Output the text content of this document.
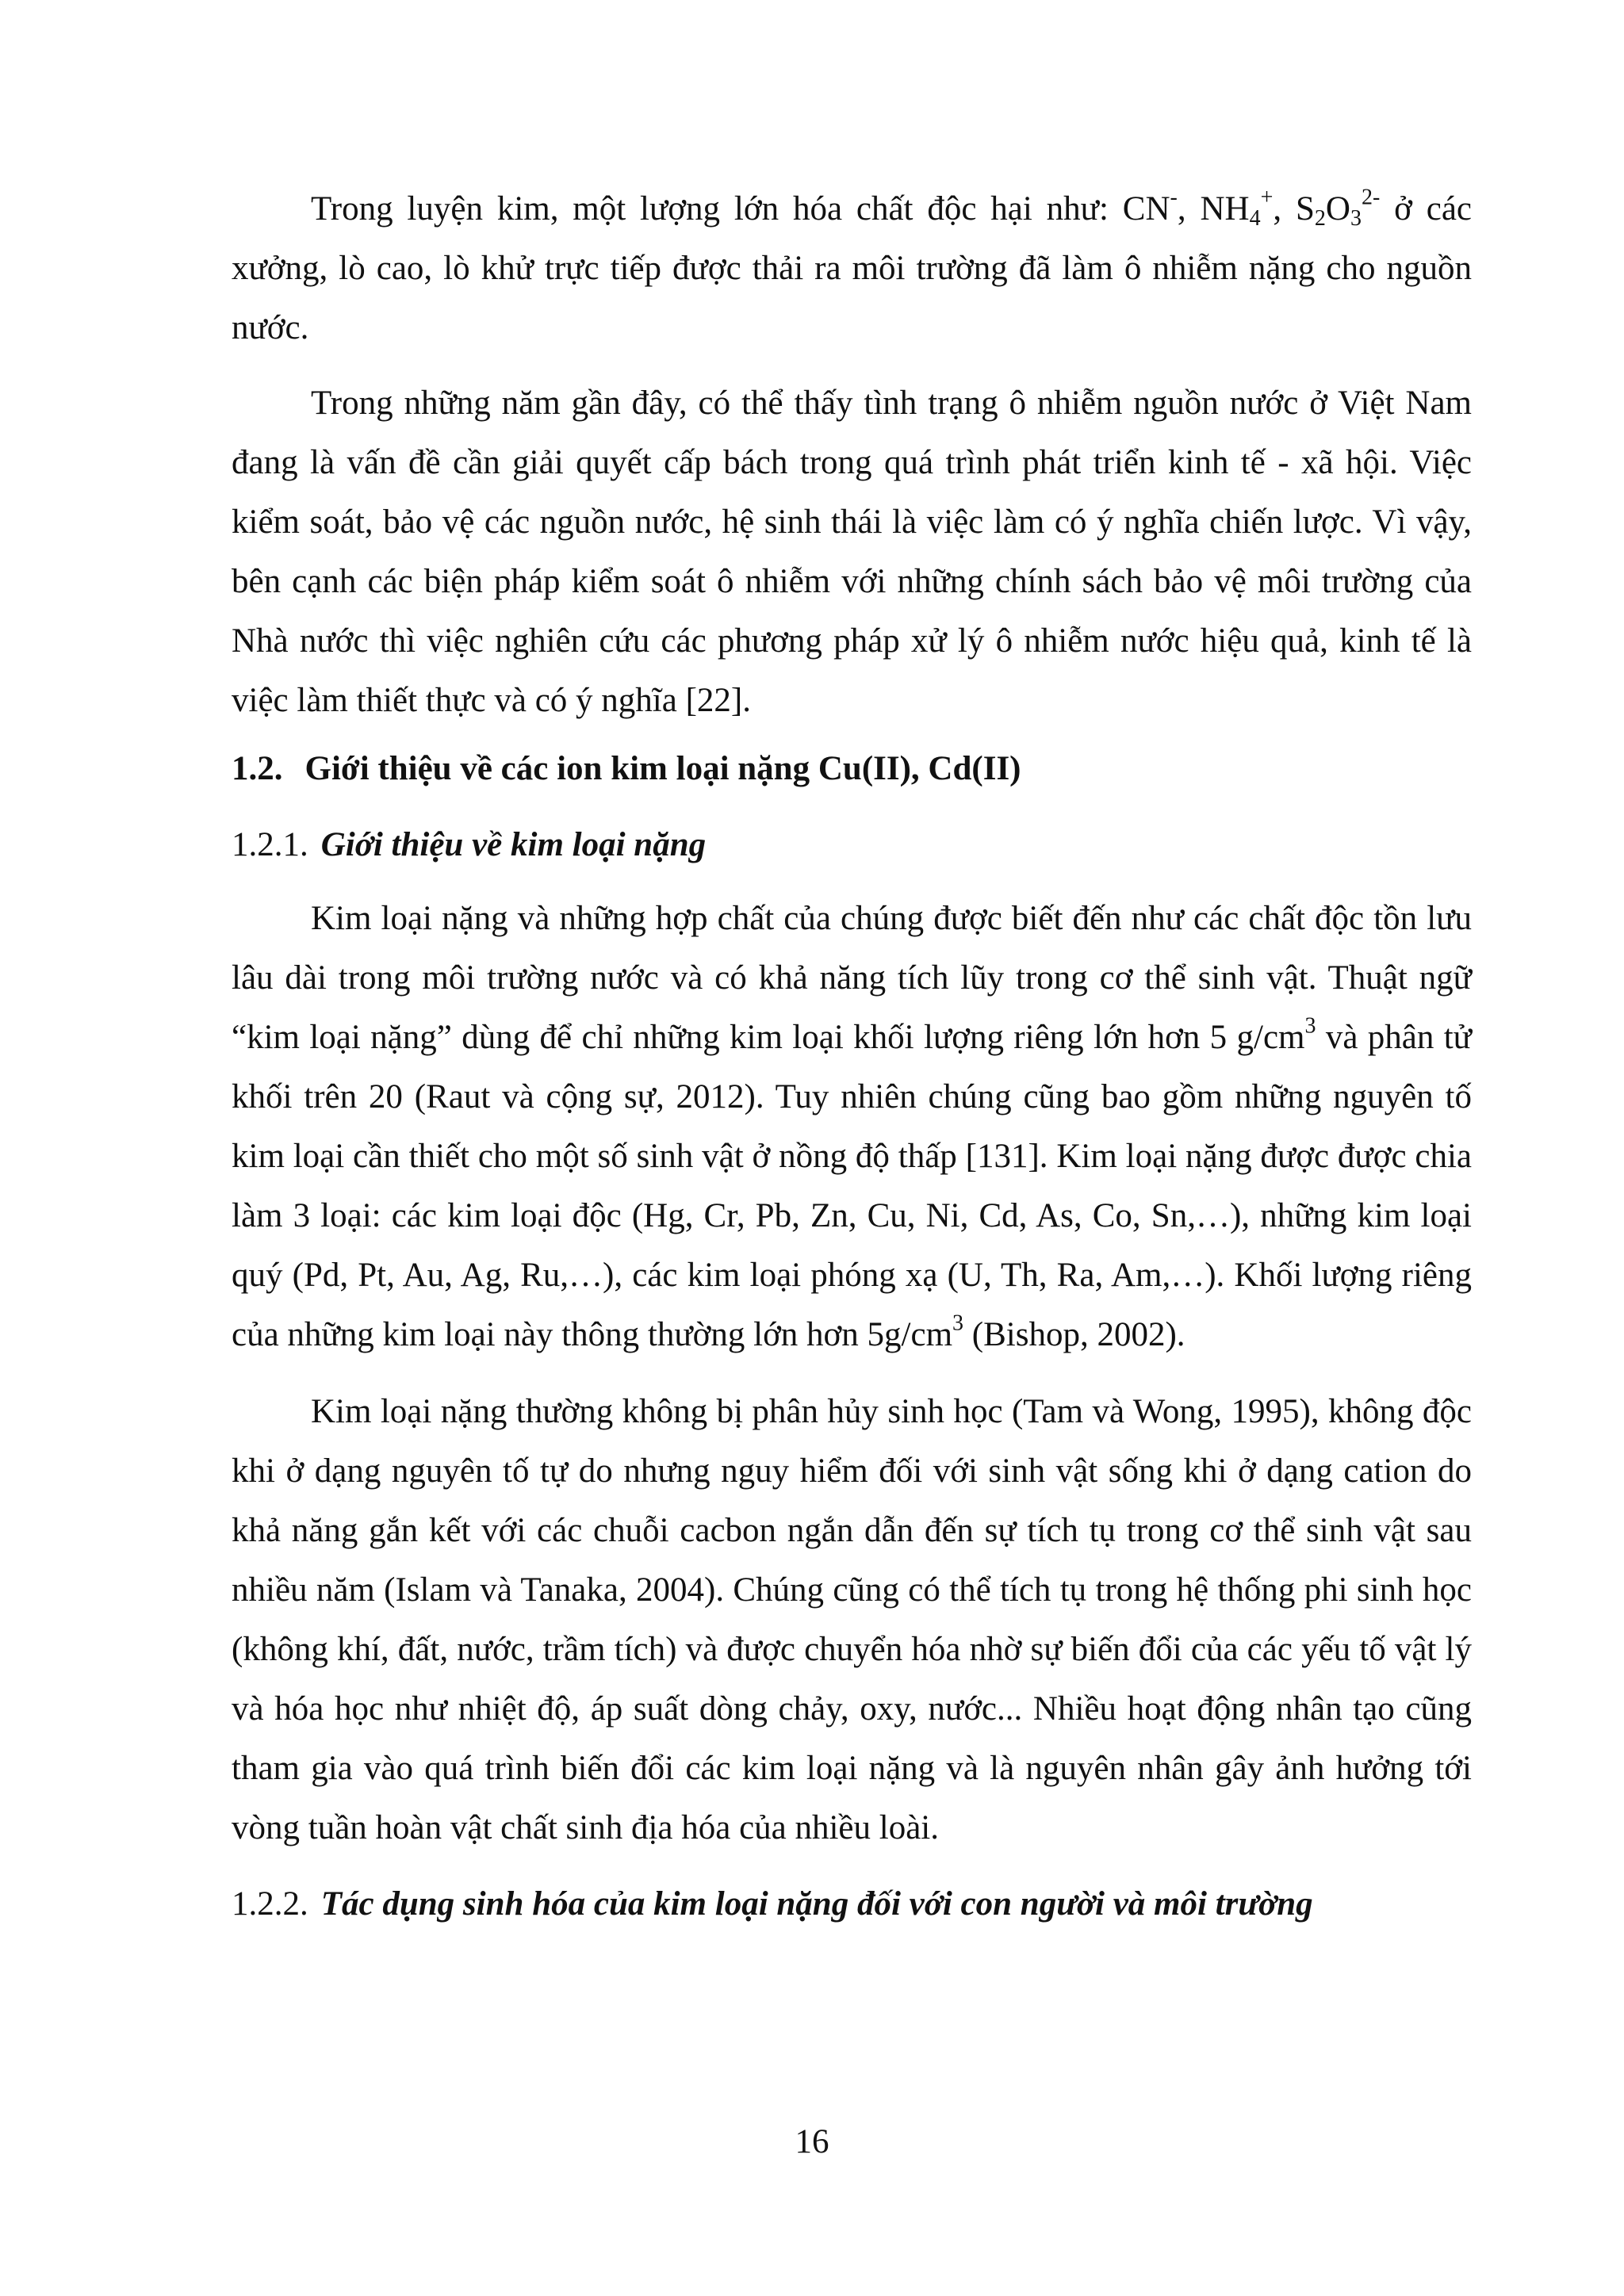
Trong luyện kim, một lượng lớn hóa chất độc hại như: CN-, $NH_4^+$, $S_2O_3^{2-}$ ở các xưởng, lò cao, lò khử trực tiếp được thải ra môi trường đã làm ô nhiễm nặng cho nguồn nước.

Trong những năm gần đây, có thể thấy tình trạng ô nhiễm nguồn nước ở Việt Nam đang là vấn đề cần giải quyết cấp bách trong quá trình phát triển kinh tế - xã hội. Việc kiểm soát, bảo vệ các nguồn nước, hệ sinh thái là việc làm có ý nghĩa chiến lược. Vì vậy, bên cạnh các biện pháp kiểm soát ô nhiễm với những chính sách bảo vệ môi trường của Nhà nước thì việc nghiên cứu các phương pháp xử lý ô nhiễm nước hiệu quả, kinh tế là việc làm thiết thực và có ý nghĩa [22].

1.2. Giới thiệu về các ion kim loại nặng Cu(II), Cd(II)
1.2.1. Giới thiệu về kim loại nặng

Kim loại nặng và những hợp chất của chúng được biết đến như các chất độc tồn lưu lâu dài trong môi trường nước và có khả năng tích lũy trong cơ thể sinh vật. Thuật ngữ “kim loại nặng” dùng để chỉ những kim loại khối lượng riêng lớn hơn 5 $g/cm^3$ và phân tử khối trên 20 (Raut và cộng sự, 2012). Tuy nhiên chúng cũng bao gồm những nguyên tố kim loại cần thiết cho một số sinh vật ở nồng độ thấp [131]. Kim loại nặng được được chia làm 3 loại: các kim loại độc (Hg, Cr, Pb, Zn, Cu, Ni, Cd, As, Co, Sn,…), những kim loại quý (Pd, Pt, Au, Ag, Ru,…), các kim loại phóng xạ (U, Th, Ra, Am,…). Khối lượng riêng của những kim loại này thông thường lớn hơn $5g/cm^3$ (Bishop, 2002).

Kim loại nặng thường không bị phân hủy sinh học (Tam và Wong, 1995), không độc khi ở dạng nguyên tố tự do nhưng nguy hiểm đối với sinh vật sống khi ở dạng cation do khả năng gắn kết với các chuỗi cacbon ngắn dẫn đến sự tích tụ trong cơ thể sinh vật sau nhiều năm (Islam và Tanaka, 2004). Chúng cũng có thể tích tụ trong hệ thống phi sinh học (không khí, đất, nước, trầm tích) và được chuyển hóa nhờ sự biến đổi của các yếu tố vật lý và hóa học như nhiệt độ, áp suất dòng chảy, oxy, nước... Nhiều hoạt động nhân tạo cũng tham gia vào quá trình biến đổi các kim loại nặng và là nguyên nhân gây ảnh hưởng tới vòng tuần hoàn vật chất sinh địa hóa của nhiều loài.

1.2.2. Tác dụng sinh hóa của kim loại nặng đối với con người và môi trường
16
